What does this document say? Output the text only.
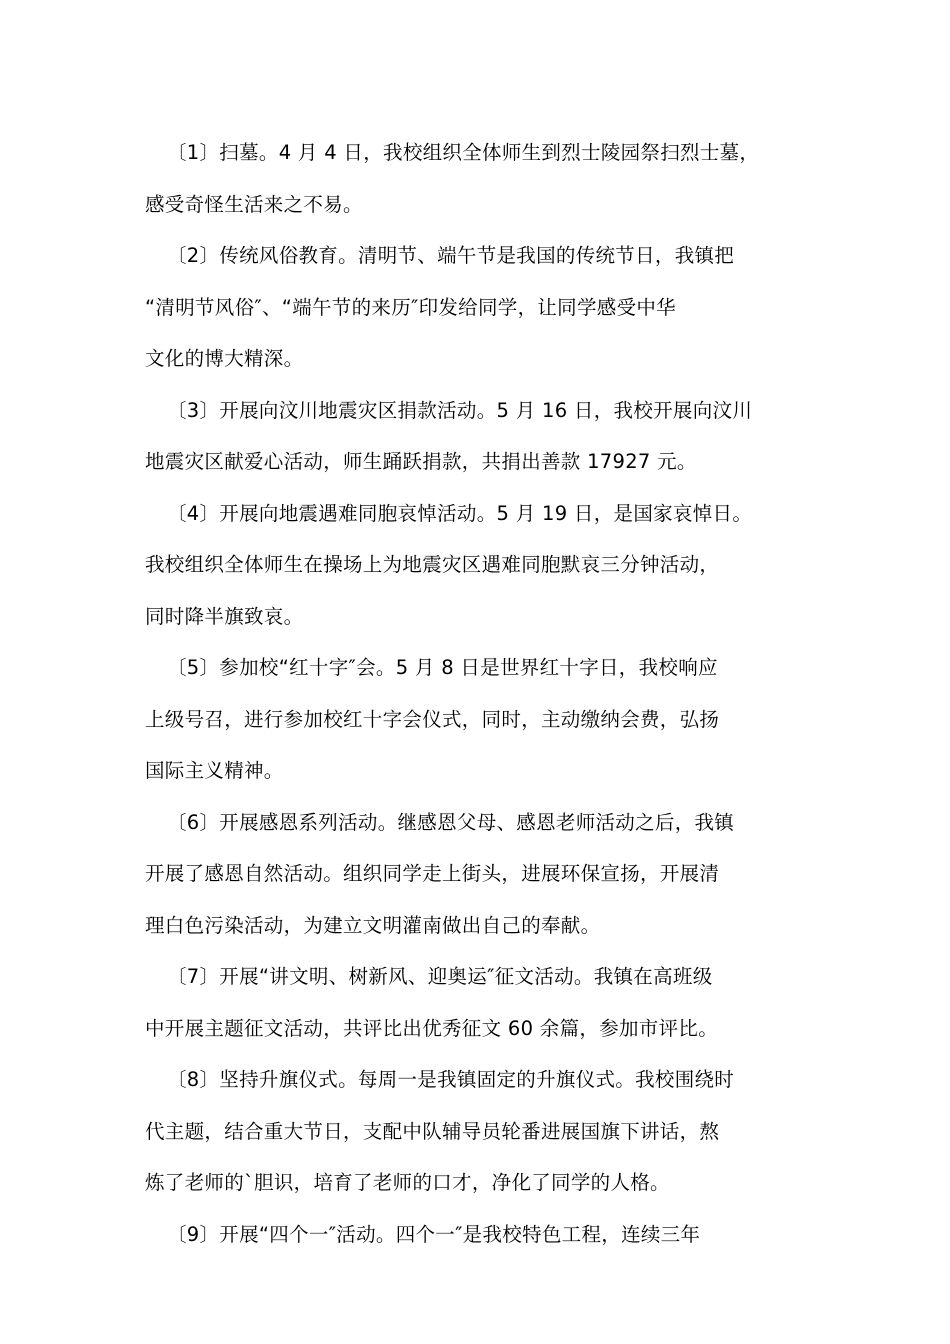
〔1〕扫墓。4 月 4 日，我校组织全体师生到烈士陵园祭扫烈士墓，
感受奇怪生活来之不易。

〔2〕传统风俗教育。清明节、端午节是我国的传统节日，我镇把
“清明节风俗″、“端午节的来历″印发给同学，让同学感受中华
文化的博大精深。

〔3〕开展向汶川地震灾区捐款活动。5 月 16 日，我校开展向汶川
地震灾区献爱心活动，师生踊跃捐款，共捐出善款 17927 元。

〔4〕开展向地震遇难同胞哀悼活动。5 月 19 日，是国家哀悼日。
我校组织全体师生在操场上为地震灾区遇难同胞默哀三分钟活动，
同时降半旗致哀。

〔5〕参加校“红十字″会。5 月 8 日是世界红十字日，我校响应
上级号召，进行参加校红十字会仪式，同时，主动缴纳会费，弘扬
国际主义精神。

〔6〕开展感恩系列活动。继感恩父母、感恩老师活动之后，我镇
开展了感恩自然活动。组织同学走上街头，进展环保宣扬，开展清
理白色污染活动，为建立文明灌南做出自己的奉献。

〔7〕开展“讲文明、树新风、迎奥运″征文活动。我镇在高班级
中开展主题征文活动，共评比出优秀征文 60 余篇，参加市评比。

〔8〕坚持升旗仪式。每周一是我镇固定的升旗仪式。我校围绕时
代主题，结合重大节日，支配中队辅导员轮番进展国旗下讲话，熬
炼了老师的`胆识，培育了老师的口才，净化了同学的人格。

〔9〕开展“四个一″活动。四个一″是我校特色工程，连续三年
